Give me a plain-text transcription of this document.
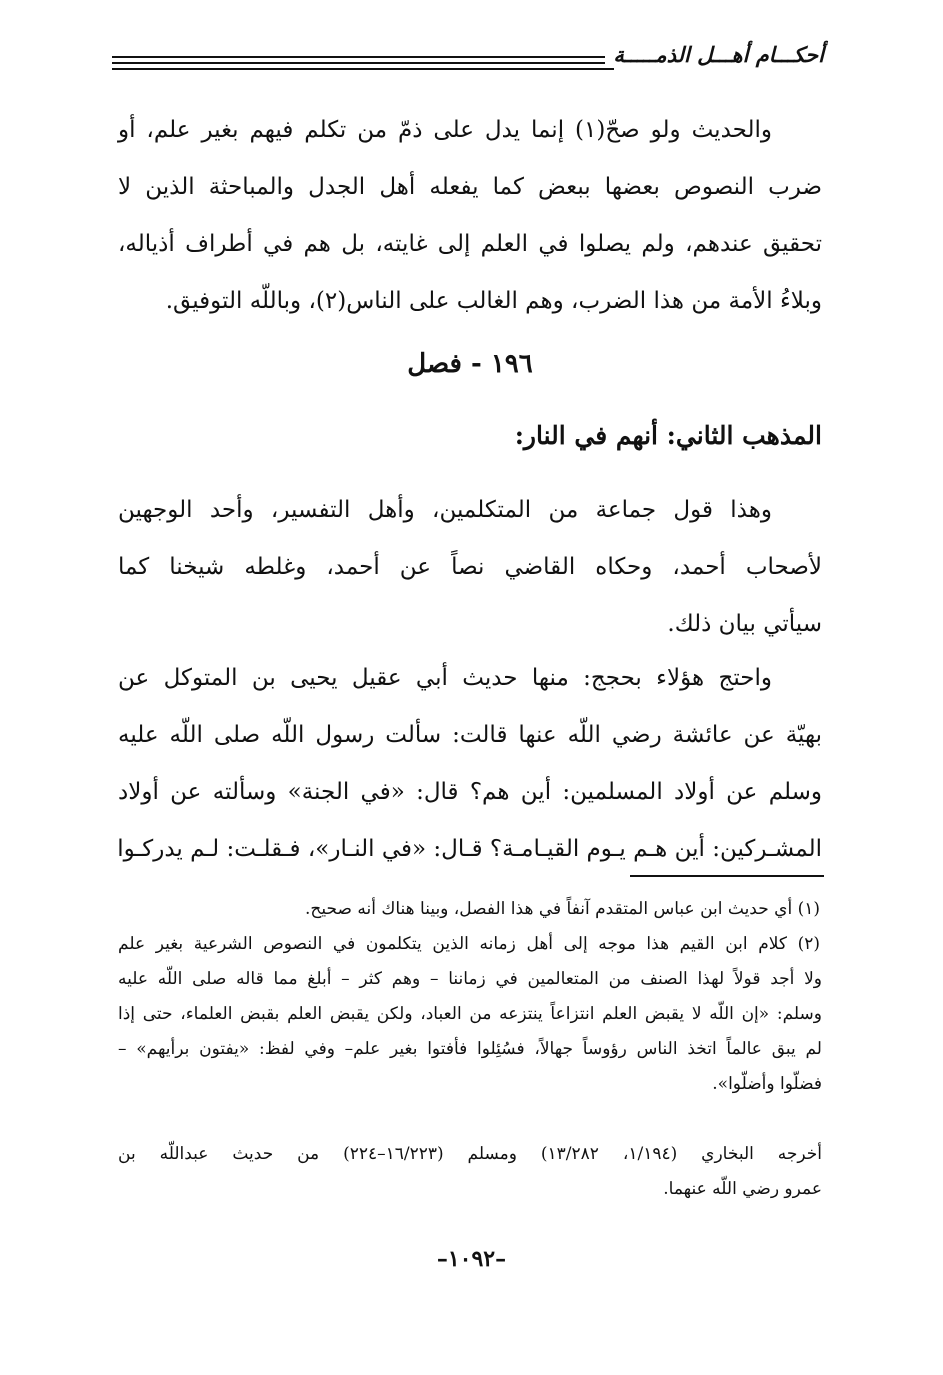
أحكـــام أهـــل الذمـــــة
والحديث ولو صحّ(١) إنما يدل على ذمّ من تكلم فيهم بغير علم، أو
ضرب النصوص بعضها ببعض كما يفعله أهل الجدل والمباحثة الذين لا
تحقيق عندهم، ولم يصلوا في العلم إلى غايته، بل هم في أطراف أذياله،
وبلاءُ الأمة من هذا الضرب، وهم الغالب على الناس(٢)، وباللّه التوفيق.
١٩٦ - فصل
المذهب الثاني: أنهم في النار:
وهذا قول جماعة من المتكلمين، وأهل التفسير، وأحد الوجهين
لأصحاب أحمد، وحكاه القاضي نصاً عن أحمد، وغلطه شيخنا كما
سيأتي بيان ذلك.
واحتج هؤلاء بحجج: منها حديث أبي عقيل يحيى بن المتوكل عن
بهيّة عن عائشة رضي اللّه عنها قالت: سألت رسول اللّه صلى اللّه عليه
وسلم عن أولاد المسلمين: أين هم؟ قال: «في الجنة» وسألته عن أولاد
المشـركين: أين هـم يـوم القيـامـة؟ قـال: «في النـار»، فـقلـت: لـم يدركـوا
(١) أي حديث ابن عباس المتقدم آنفاً في هذا الفصل، وبينا هناك أنه صحيح.
(٢) كلام ابن القيم هذا موجه إلى أهل زمانه الذين يتكلمون في النصوص الشرعية بغير علم
ولا أجد قولاً لهذا الصنف من المتعالمين في زماننا – وهم كثر – أبلغ مما قاله صلى اللّه عليه
وسلم: «إن اللّه لا يقبض العلم انتزاعاً ينتزعه من العباد، ولكن يقبض العلم بقبض العلماء، حتى إذا
لم يبق عالماً اتخذ الناس رؤوساً جهالاً، فسُئِلوا فأفتوا بغير علم– وفي لفظ: «يفتون برأيهم» –
فضلّوا وأضلّوا».
أخرجه البخاري (١/١٩٤، ١٣/٢٨٢) ومسلم (١٦/٢٢٣–٢٢٤) من حديث عبداللّه بن
عمرو رضي اللّه عنهما.
–١٠٩٢–
